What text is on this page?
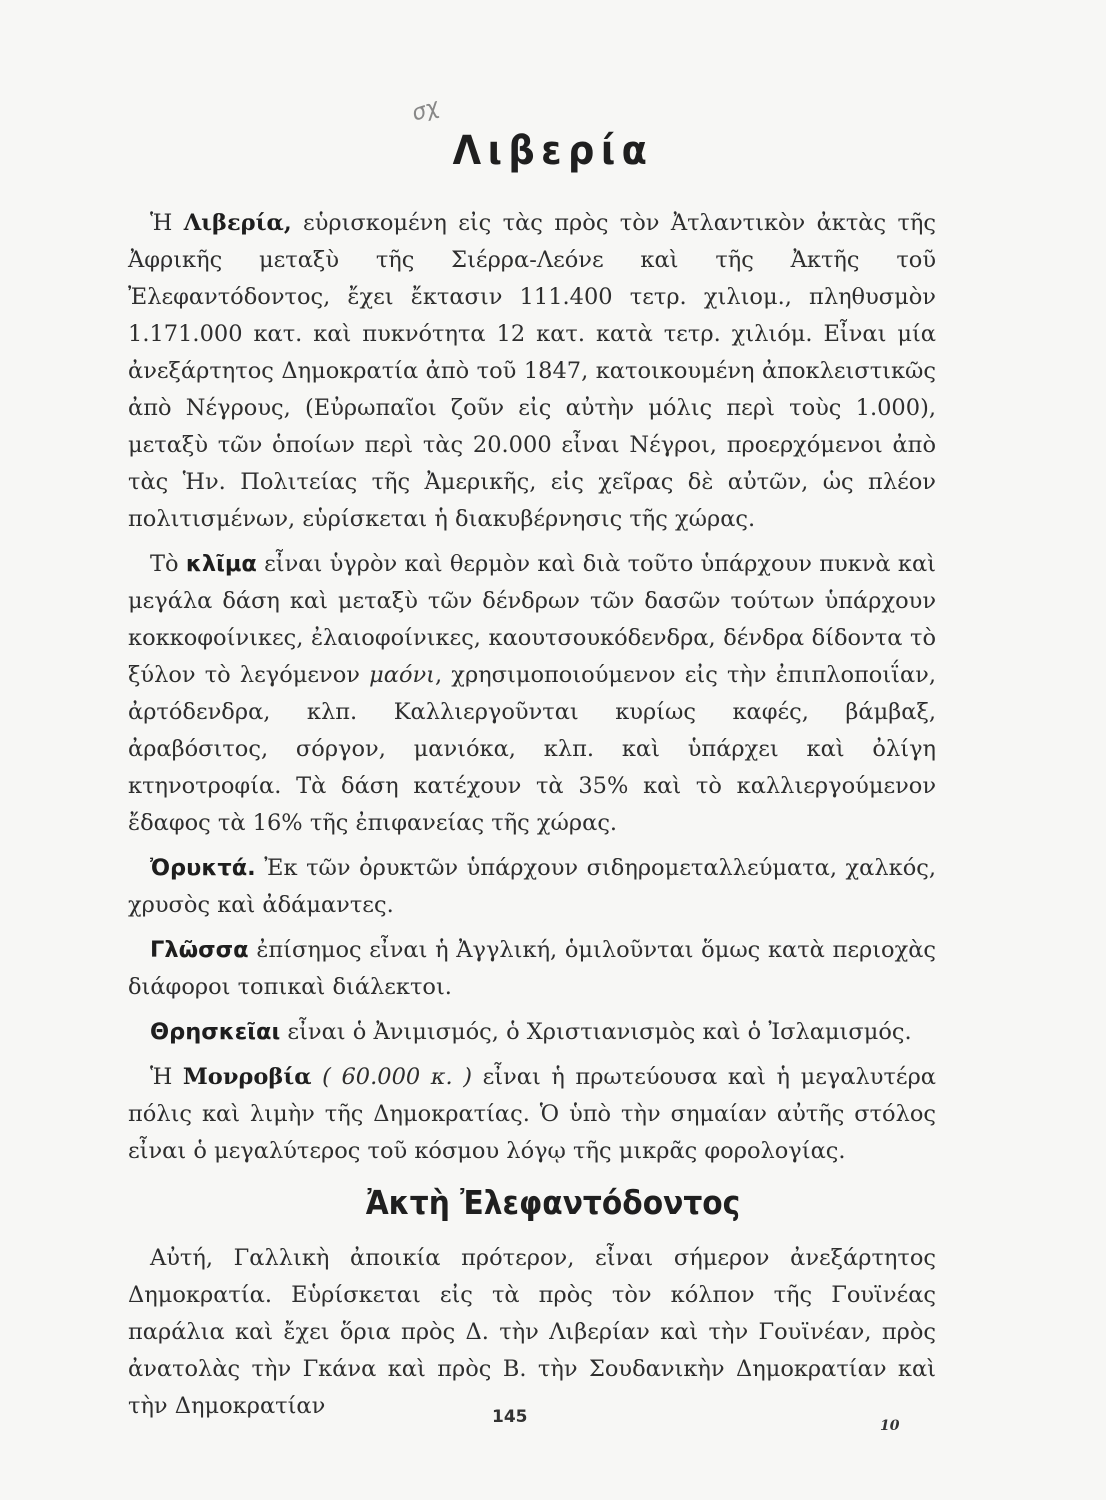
σχ
Λιβερία

Ἡ Λιβερία, εὑρισκομένη εἰς τὰς πρὸς τὸν Ἀτλαντικὸν ἀκτὰς τῆς Ἀφρικῆς μεταξὺ τῆς Σιέρρα-Λεόνε καὶ τῆς Ἀκτῆς τοῦ Ἐλεφαντόδοντος, ἔχει ἔκτασιν 111.400 τετρ. χιλιομ., πληθυσμὸν 1.171.000 κατ. καὶ πυκνότητα 12 κατ. κατὰ τετρ. χιλιόμ. Εἶναι μία ἀνεξάρτητος Δημοκρατία ἀπὸ τοῦ 1847, κατοικουμένη ἀποκλειστικῶς ἀπὸ Νέγρους, (Εὐρωπαῖοι ζοῦν εἰς αὐτὴν μόλις περὶ τοὺς 1.000), μεταξὺ τῶν ὁποίων περὶ τὰς 20.000 εἶναι Νέγροι, προερχόμενοι ἀπὸ τὰς Ἡν. Πολιτείας τῆς Ἀμερικῆς, εἰς χεῖρας δὲ αὐτῶν, ὡς πλέον πολιτισμένων, εὑρίσκεται ἡ διακυβέρνησις τῆς χώρας.

Τὸ κλῖμα εἶναι ὑγρὸν καὶ θερμὸν καὶ διὰ τοῦτο ὑπάρχουν πυκνὰ καὶ μεγάλα δάση καὶ μεταξὺ τῶν δένδρων τῶν δασῶν τούτων ὑπάρχουν κοκκοφοίνικες, ἐλαιοφοίνικες, καουτσουκόδενδρα, δένδρα δίδοντα τὸ ξύλον τὸ λεγόμενον μαόνι, χρησιμοποιούμενον εἰς τὴν ἐπιπλοποιΐαν, ἀρτόδενδρα, κλπ. Καλλιεργοῦνται κυρίως καφές, βάμβαξ, ἀραβόσιτος, σόργον, μανιόκα, κλπ. καὶ ὑπάρχει καὶ ὀλίγη κτηνοτροφία. Τὰ δάση κατέχουν τὰ 35% καὶ τὸ καλλιεργούμενον ἔδαφος τὰ 16% τῆς ἐπιφανείας τῆς χώρας.

Ὀρυκτά. Ἐκ τῶν ὀρυκτῶν ὑπάρχουν σιδηρομεταλλεύματα, χαλκός, χρυσὸς καὶ ἀδάμαντες.

Γλῶσσα ἐπίσημος εἶναι ἡ Ἀγγλική, ὁμιλοῦνται ὅμως κατὰ περιοχὰς διάφοροι τοπικαὶ διάλεκτοι.

Θρησκεῖαι εἶναι ὁ Ἀνιμισμός, ὁ Χριστιανισμὸς καὶ ὁ Ἰσλαμισμός.

Ἡ Μονροβία ( 60.000 κ. ) εἶναι ἡ πρωτεύουσα καὶ ἡ μεγαλυτέρα πόλις καὶ λιμὴν τῆς Δημοκρατίας. Ὁ ὑπὸ τὴν σημαίαν αὐτῆς στόλος εἶναι ὁ μεγαλύτερος τοῦ κόσμου λόγῳ τῆς μικρᾶς φορολογίας.

Ἀκτὴ Ἐλεφαντόδοντος

Αὐτή, Γαλλικὴ ἀποικία πρότερον, εἶναι σήμερον ἀνεξάρτητος Δημοκρατία. Εὑρίσκεται εἰς τὰ πρὸς τὸν κόλπον τῆς Γουϊνέας παράλια καὶ ἔχει ὅρια πρὸς Δ. τὴν Λιβερίαν καὶ τὴν Γουϊνέαν, πρὸς ἀνατολὰς τὴν Γκάνα καὶ πρὸς Β. τὴν Σουδανικὴν Δημοκρατίαν καὶ τὴν Δημοκρατίαν	145	10
